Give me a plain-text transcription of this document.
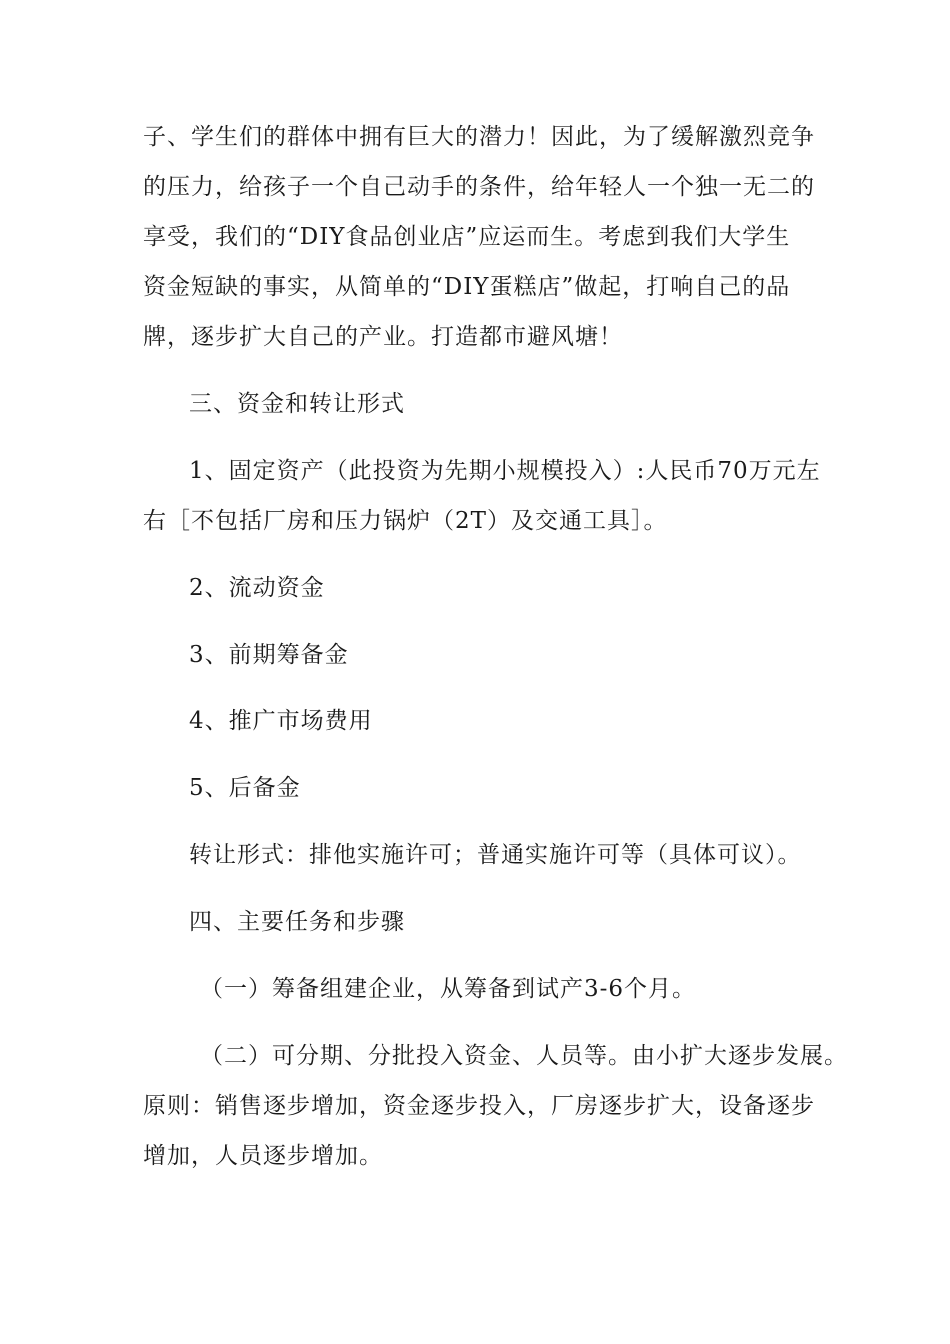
子、学生们的群体中拥有巨大的潜力！因此，为了缓解激烈竞争
的压力，给孩子一个自己动手的条件，给年轻人一个独一无二的
享受，我们的“DIY食品创业店”应运而生。考虑到我们大学生
资金短缺的事实，从简单的“DIY蛋糕店”做起，打响自己的品
牌，逐步扩大自己的产业。打造都市避风塘！
三、资金和转让形式
1、固定资产（此投资为先期小规模投入）:人民币70万元左
右［不包括厂房和压力锅炉（2T）及交通工具］。
2、流动资金
3、前期筹备金
4、推广市场费用
5、后备金
转让形式：排他实施许可；普通实施许可等（具体可议）。
四、主要任务和步骤
（一）筹备组建企业，从筹备到试产3-6个月。
（二）可分期、分批投入资金、人员等。由小扩大逐步发展。
原则：销售逐步增加，资金逐步投入，厂房逐步扩大，设备逐步
增加，人员逐步增加。
